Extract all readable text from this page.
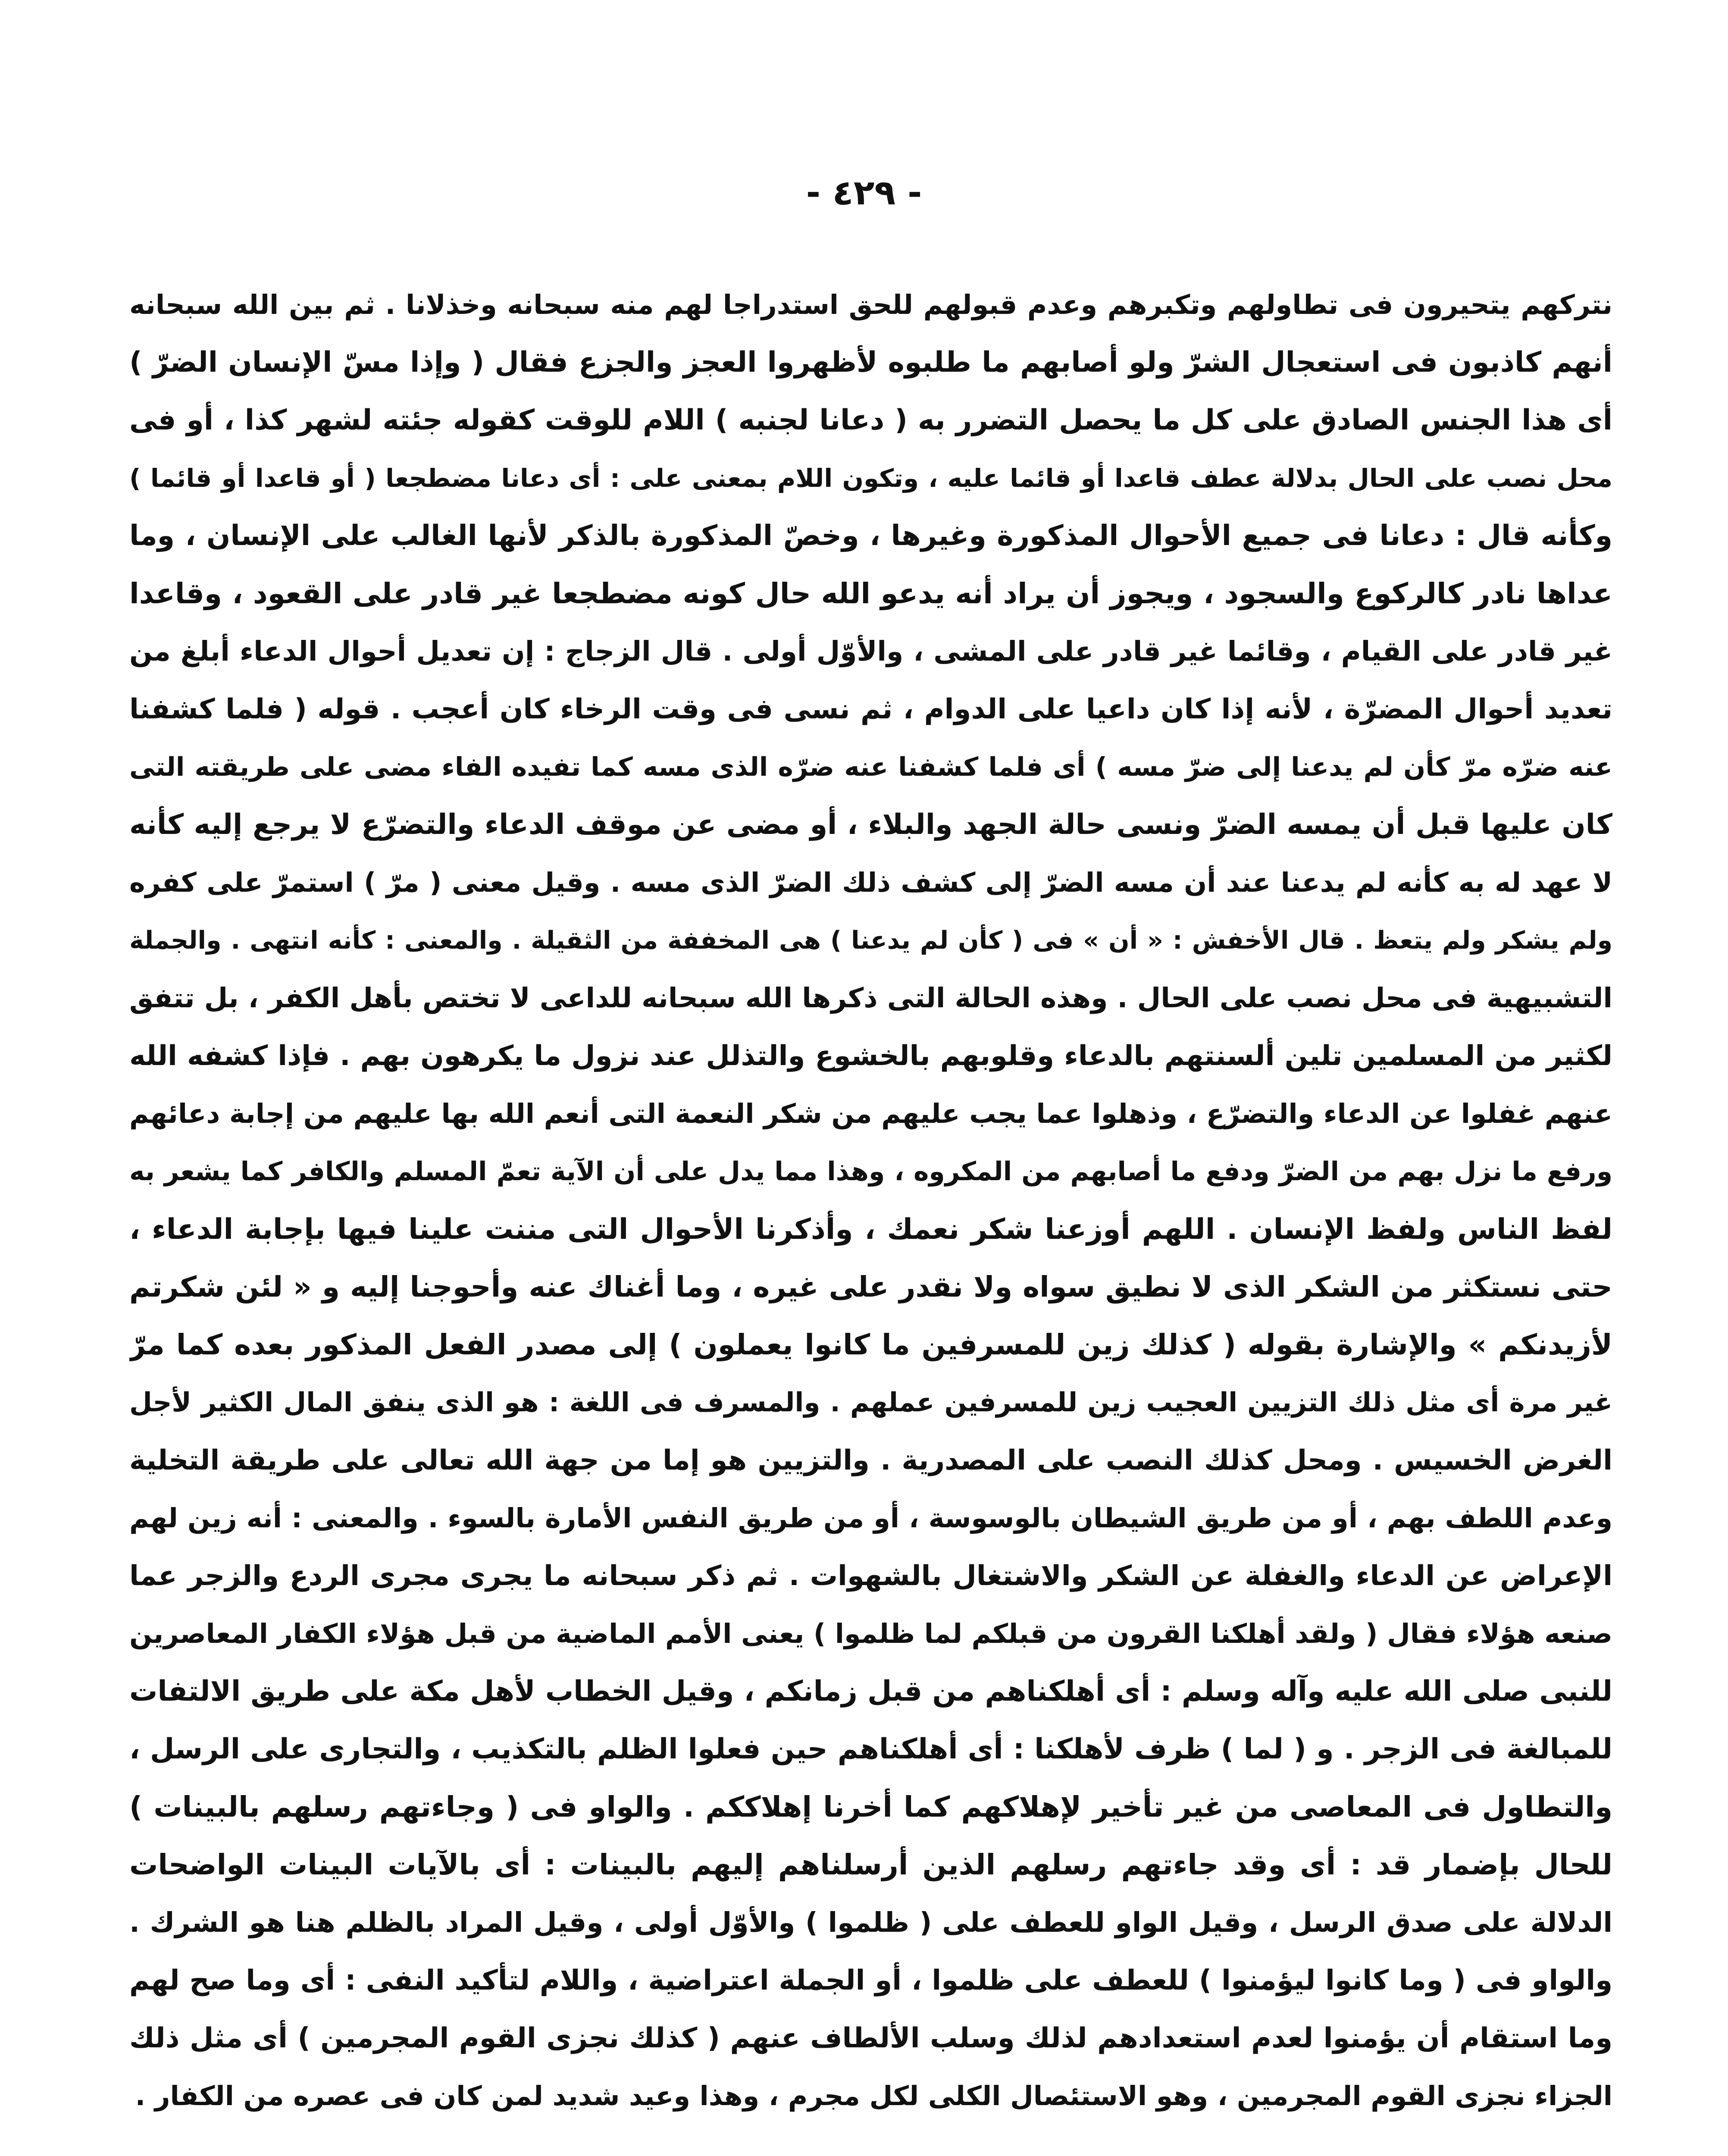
- ٤٢٩ -
نتركهم يتحيرون فى تطاولهم وتكبرهم وعدم قبولهم للحق استدراجا لهم منه سبحانه وخذلانا . ثم بين الله سبحانه
أنهم كاذبون فى استعجال الشرّ ولو أصابهم ما طلبوه لأظهروا العجز والجزع فقال ( وإذا مسّ الإنسان الضرّ )
أى هذا الجنس الصادق على كل ما يحصل التضرر به ( دعانا لجنبه ) اللام للوقت كقوله جئته لشهر كذا ، أو فى
محل نصب على الحال بدلالة عطف قاعدا أو قائما عليه ، وتكون اللام بمعنى على : أى دعانا مضطجعا ( أو قاعدا أو قائما )
وكأنه قال : دعانا فى جميع الأحوال المذكورة وغيرها ، وخصّ المذكورة بالذكر لأنها الغالب على الإنسان ، وما
عداها نادر كالركوع والسجود ، ويجوز أن يراد أنه يدعو الله حال كونه مضطجعا غير قادر على القعود ، وقاعدا
غير قادر على القيام ، وقائما غير قادر على المشى ، والأوّل أولى . قال الزجاج : إن تعديل أحوال الدعاء أبلغ من
تعديد أحوال المضرّة ، لأنه إذا كان داعيا على الدوام ، ثم نسى فى وقت الرخاء كان أعجب . قوله ( فلما كشفنا
عنه ضرّه مرّ كأن لم يدعنا إلى ضرّ مسه ) أى فلما كشفنا عنه ضرّه الذى مسه كما تفيده الفاء مضى على طريقته التى
كان عليها قبل أن يمسه الضرّ ونسى حالة الجهد والبلاء ، أو مضى عن موقف الدعاء والتضرّع لا يرجع إليه كأنه
لا عهد له به كأنه لم يدعنا عند أن مسه الضرّ إلى كشف ذلك الضرّ الذى مسه . وقيل معنى ( مرّ ) استمرّ على كفره
ولم يشكر ولم يتعظ . قال الأخفش : « أن » فى ( كأن لم يدعنا ) هى المخففة من الثقيلة . والمعنى : كأنه انتهى . والجملة
التشبيهية فى محل نصب على الحال . وهذه الحالة التى ذكرها الله سبحانه للداعى لا تختص بأهل الكفر ، بل تتفق
لكثير من المسلمين تلين ألسنتهم بالدعاء وقلوبهم بالخشوع والتذلل عند نزول ما يكرهون بهم . فإذا كشفه الله
عنهم غفلوا عن الدعاء والتضرّع ، وذهلوا عما يجب عليهم من شكر النعمة التى أنعم الله بها عليهم من إجابة دعائهم
ورفع ما نزل بهم من الضرّ ودفع ما أصابهم من المكروه ، وهذا مما يدل على أن الآية تعمّ المسلم والكافر كما يشعر به
لفظ الناس ولفظ الإنسان . اللهم أوزعنا شكر نعمك ، وأذكرنا الأحوال التى مننت علينا فيها بإجابة الدعاء ،
حتى نستكثر من الشكر الذى لا نطيق سواه ولا نقدر على غيره ، وما أغناك عنه وأحوجنا إليه و « لئن شكرتم
لأزيدنكم » والإشارة بقوله ( كذلك زين للمسرفين ما كانوا يعملون ) إلى مصدر الفعل المذكور بعده كما مرّ
غير مرة أى مثل ذلك التزيين العجيب زين للمسرفين عملهم . والمسرف فى اللغة : هو الذى ينفق المال الكثير لأجل
الغرض الخسيس . ومحل كذلك النصب على المصدرية . والتزيين هو إما من جهة الله تعالى على طريقة التخلية
وعدم اللطف بهم ، أو من طريق الشيطان بالوسوسة ، أو من طريق النفس الأمارة بالسوء . والمعنى : أنه زين لهم
الإعراض عن الدعاء والغفلة عن الشكر والاشتغال بالشهوات . ثم ذكر سبحانه ما يجرى مجرى الردع والزجر عما
صنعه هؤلاء فقال ( ولقد أهلكنا القرون من قبلكم لما ظلموا ) يعنى الأمم الماضية من قبل هؤلاء الكفار المعاصرين
للنبى صلى الله عليه وآله وسلم : أى أهلكناهم من قبل زمانكم ، وقيل الخطاب لأهل مكة على طريق الالتفات
للمبالغة فى الزجر . و ( لما ) ظرف لأهلكنا : أى أهلكناهم حين فعلوا الظلم بالتكذيب ، والتجارى على الرسل ،
والتطاول فى المعاصى من غير تأخير لإهلاكهم كما أخرنا إهلاككم . والواو فى ( وجاءتهم رسلهم بالبينات )
للحال بإضمار قد : أى وقد جاءتهم رسلهم الذين أرسلناهم إليهم بالبينات : أى بالآيات البينات الواضحات
الدلالة على صدق الرسل ، وقيل الواو للعطف على ( ظلموا ) والأوّل أولى ، وقيل المراد بالظلم هنا هو الشرك .
والواو فى ( وما كانوا ليؤمنوا ) للعطف على ظلموا ، أو الجملة اعتراضية ، واللام لتأكيد النفى : أى وما صح لهم
وما استقام أن يؤمنوا لعدم استعدادهم لذلك وسلب الألطاف عنهم ( كذلك نجزى القوم المجرمين ) أى مثل ذلك
الجزاء نجزى القوم المجرمين ، وهو الاستئصال الكلى لكل مجرم ، وهذا وعيد شديد لمن كان فى عصره من الكفار .
